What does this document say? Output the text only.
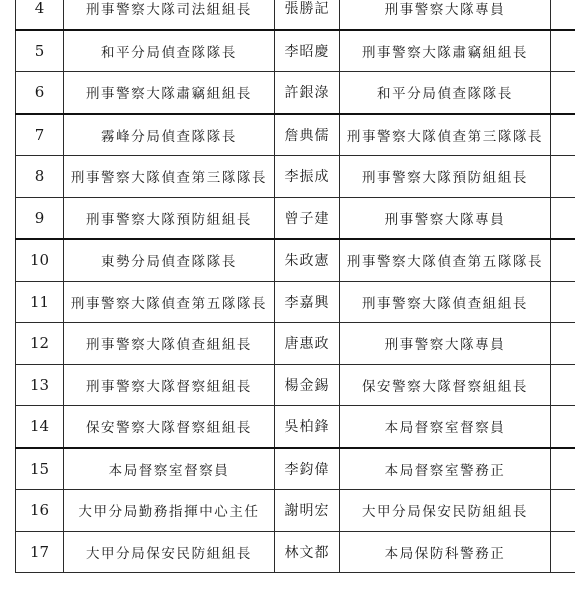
4	刑事警察大隊司法組組長	張勝記	刑事警察大隊專員	
5	和平分局偵查隊隊長	李昭慶	刑事警察大隊肅竊組組長	
6	刑事警察大隊肅竊組組長	許銀淥	和平分局偵查隊隊長	
7	霧峰分局偵查隊隊長	詹典儒	刑事警察大隊偵查第三隊隊長	
8	刑事警察大隊偵查第三隊隊長	李振成	刑事警察大隊預防組組長	
9	刑事警察大隊預防組組長	曾子建	刑事警察大隊專員	
10	東勢分局偵查隊隊長	朱政憲	刑事警察大隊偵查第五隊隊長	
11	刑事警察大隊偵查第五隊隊長	李嘉興	刑事警察大隊偵查組組長	
12	刑事警察大隊偵查組組長	唐惠政	刑事警察大隊專員	
13	刑事警察大隊督察組組長	楊金錫	保安警察大隊督察組組長	
14	保安警察大隊督察組組長	吳柏鋒	本局督察室督察員	
15	本局督察室督察員	李鈞偉	本局督察室警務正	
16	大甲分局勤務指揮中心主任	謝明宏	大甲分局保安民防組組長	
17	大甲分局保安民防組組長	林文都	本局保防科警務正	
